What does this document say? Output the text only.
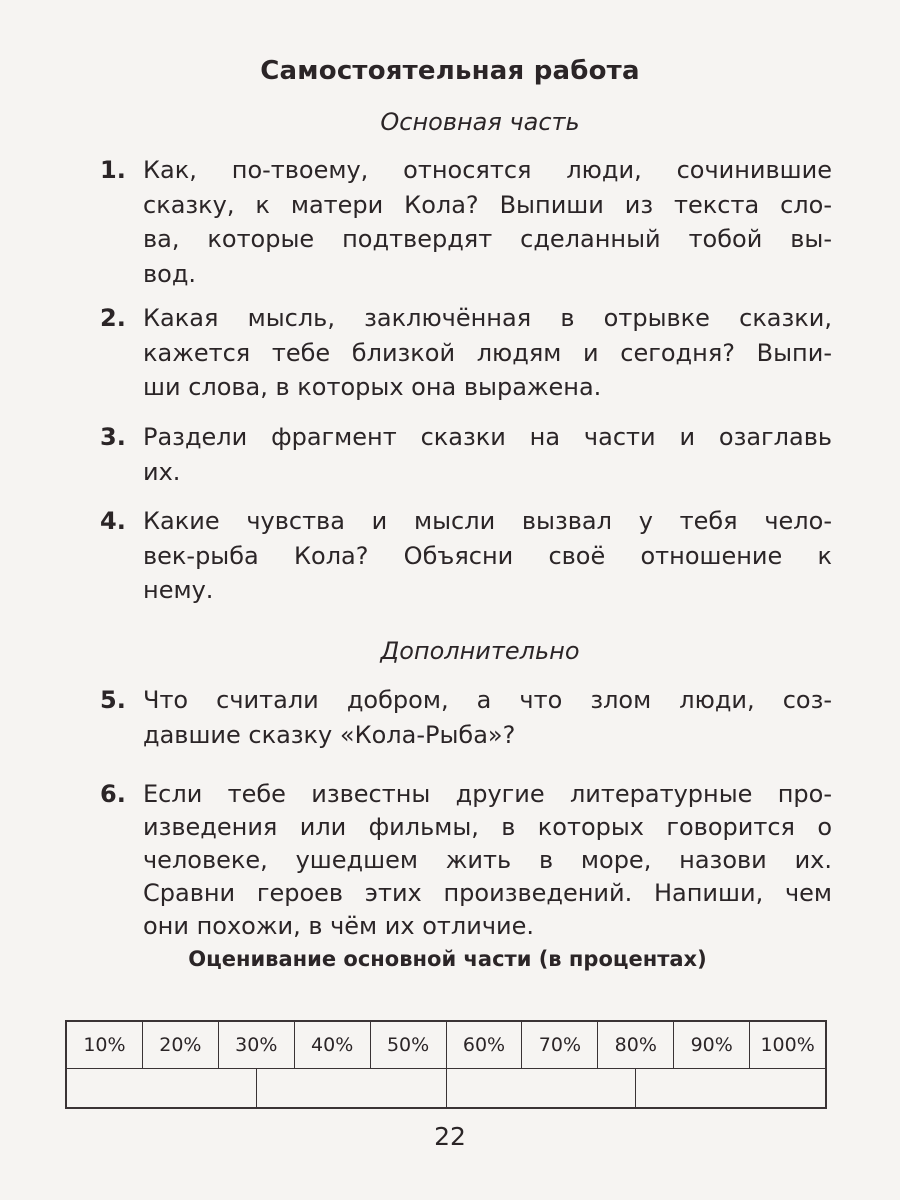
Самостоятельная работа
Основная часть
Дополнительно
1. Как, по-твоему, относятся люди, сочинившие
сказку, к матери Кола? Выпиши из текста сло-
ва, которые подтвердят сделанный тобой вы-
вод.
2. Какая мысль, заключённая в отрывке сказки,
кажется тебе близкой людям и сегодня? Выпи-
ши слова, в которых она выражена.
3. Раздели фрагмент сказки на части и озаглавь
их.
4. Какие чувства и мысли вызвал у тебя чело-
век-рыба Кола? Объясни своё отношение к
нему.
5. Что считали добром, а что злом люди, соз-
давшие сказку «Кола-Рыба»?
6. Если тебе известны другие литературные про-
изведения или фильмы, в которых говорится о
человеке, ушедшем жить в море, назови их.
Сравни героев этих произведений. Напиши, чем
они похожи, в чём их отличие.
Оценивание основной части (в процентах)
10%	20%	30%	40%	50%	60%	70%	80%	90%	100%
22
